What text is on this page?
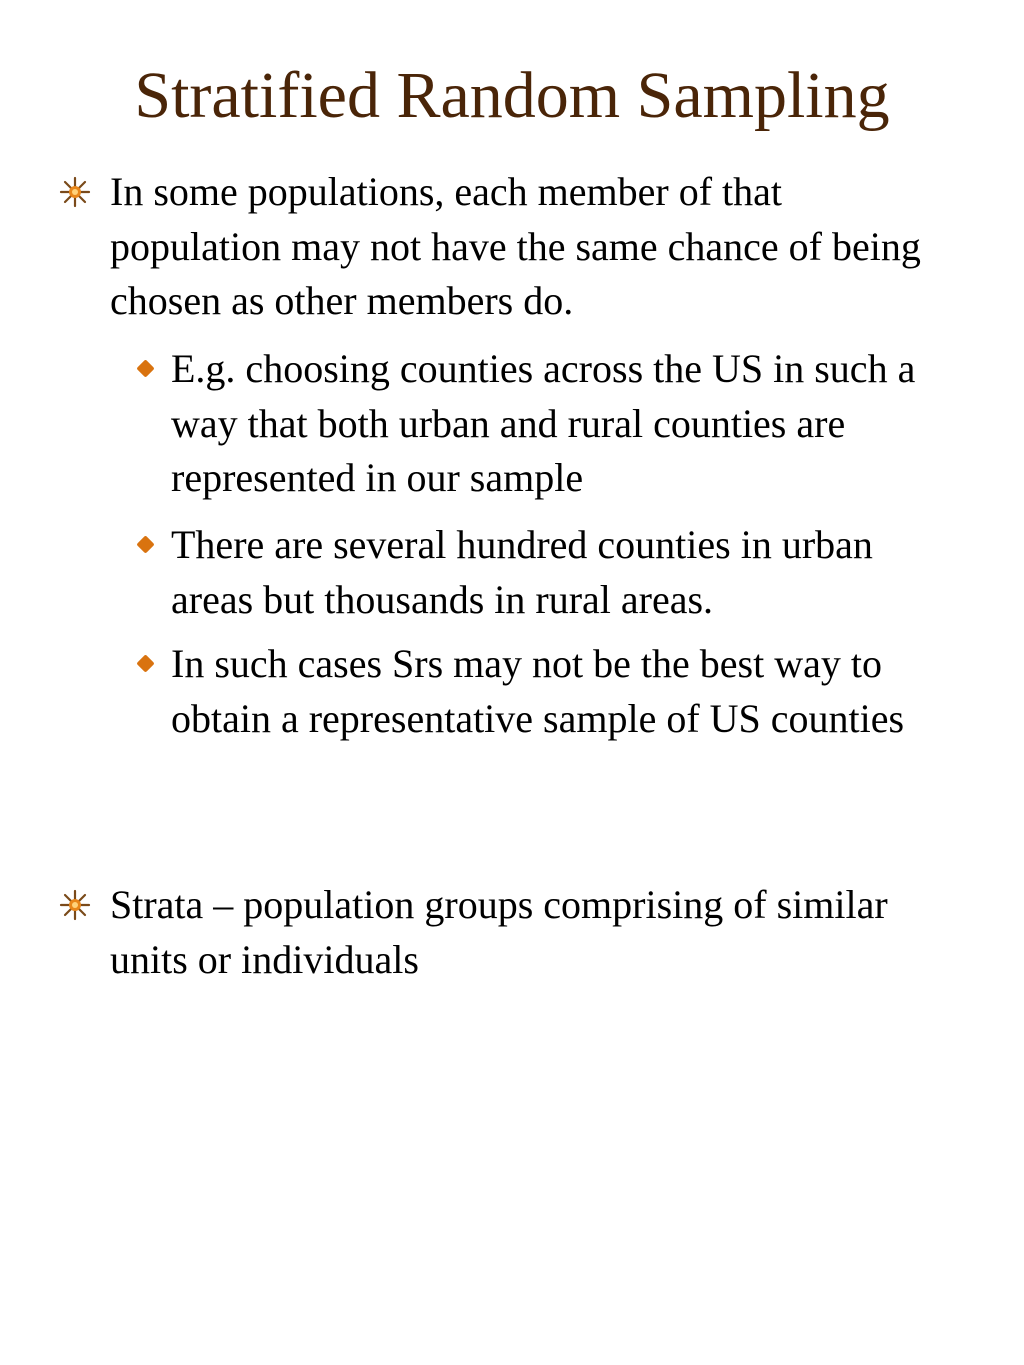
Stratified Random Sampling
In some populations, each member of that population may not have the same chance of being chosen as other members do.
E.g. choosing counties across the US in such a way that both urban and rural counties are represented in our sample
There are several hundred counties in urban areas but thousands in rural areas.
In such cases Srs may not be the best way to obtain a representative sample of US counties
Strata – population groups comprising of similar units or individuals
